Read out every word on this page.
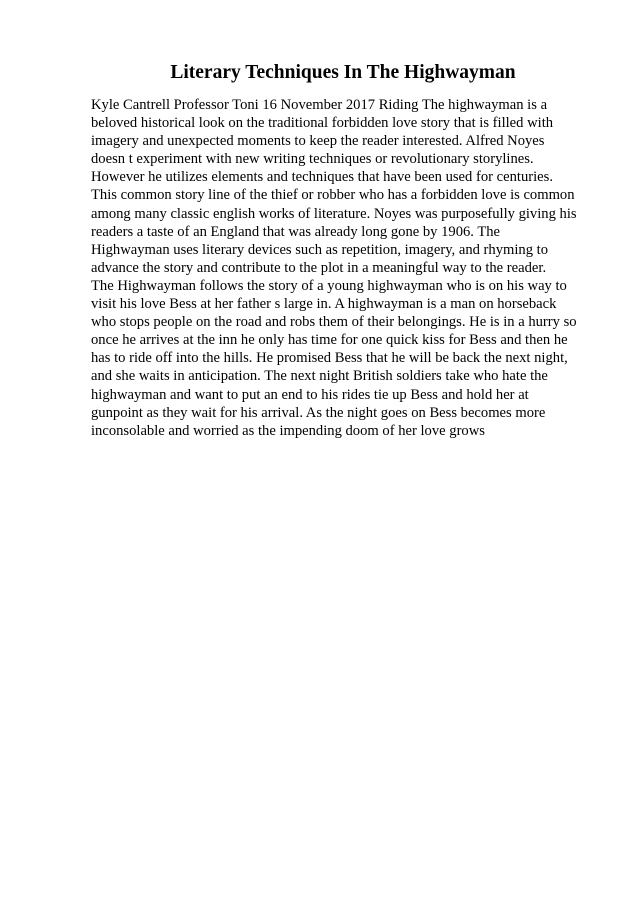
Literary Techniques In The Highwayman
Kyle Cantrell Professor Toni 16 November 2017 Riding The highwayman is a
beloved historical look on the traditional forbidden love story that is filled with
imagery and unexpected moments to keep the reader interested. Alfred Noyes
doesn t experiment with new writing techniques or revolutionary storylines.
However he utilizes elements and techniques that have been used for centuries.
This common story line of the thief or robber who has a forbidden love is common
among many classic english works of literature. Noyes was purposefully giving his
readers a taste of an England that was already long gone by 1906. The
Highwayman uses literary devices such as repetition, imagery, and rhyming to
advance the story and contribute to the plot in a meaningful way to the reader.
The Highwayman follows the story of a young highwayman who is on his way to
visit his love Bess at her father s large in. A highwayman is a man on horseback
who stops people on the road and robs them of their belongings. He is in a hurry so
once he arrives at the inn he only has time for one quick kiss for Bess and then he
has to ride off into the hills. He promised Bess that he will be back the next night,
and she waits in anticipation. The next night British soldiers take who hate the
highwayman and want to put an end to his rides tie up Bess and hold her at
gunpoint as they wait for his arrival. As the night goes on Bess becomes more
inconsolable and worried as the impending doom of her love grows
